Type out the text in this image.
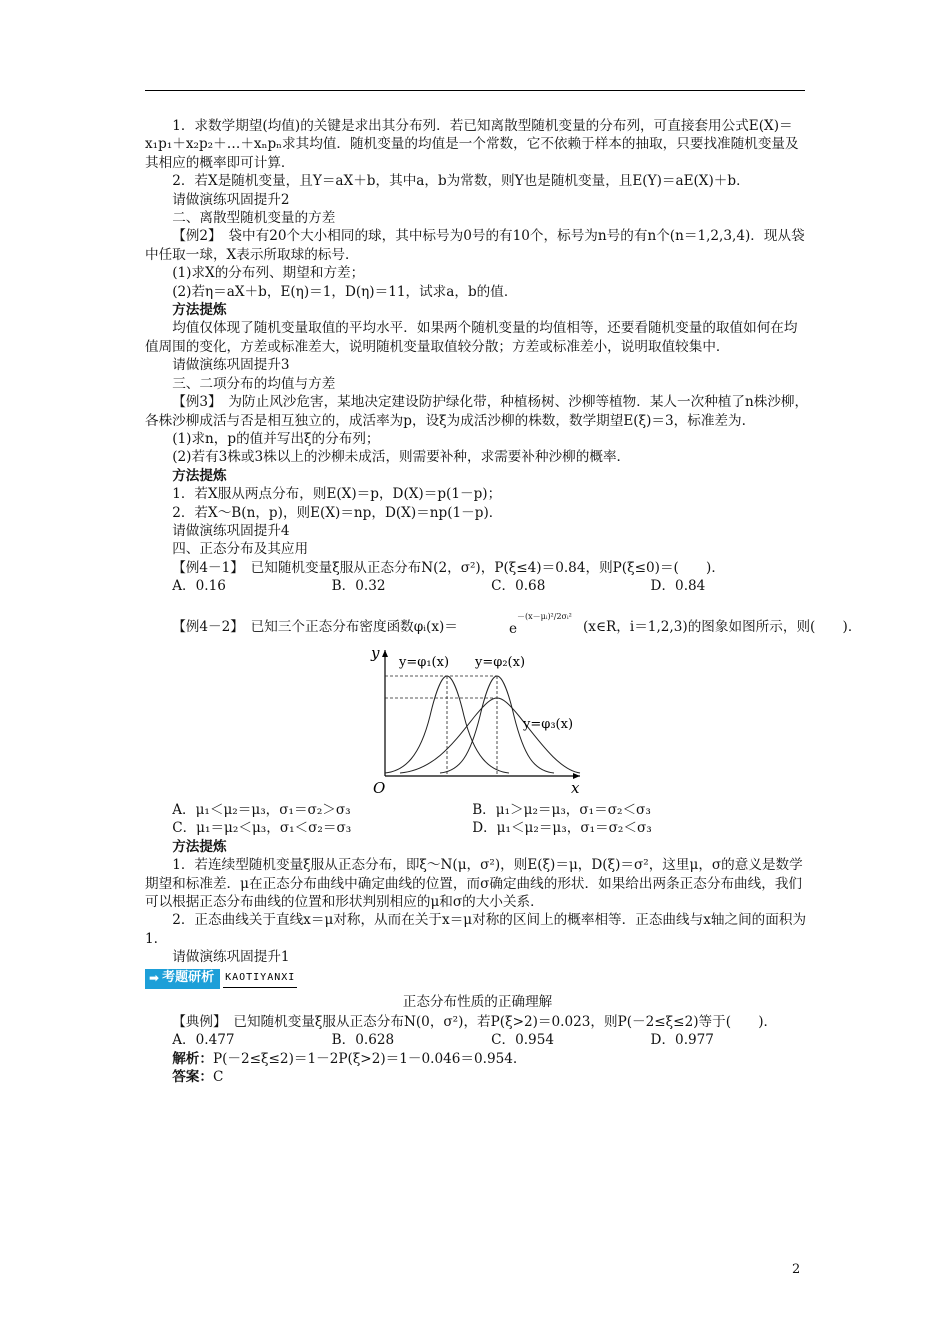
1．求数学期望(均值)的关键是求出其分布列．若已知离散型随机变量的分布列，可直接套用公式E(X)＝x₁p₁＋x₂p₂＋…＋xₙpₙ求其均值．随机变量的均值是一个常数，它不依赖于样本的抽取，只要找准随机变量及其相应的概率即可计算．

2．若X是随机变量，且Y＝aX＋b，其中a，b为常数，则Y也是随机变量，且E(Y)＝aE(X)＋b．

请做演练巩固提升2

二、离散型随机变量的方差

【例2】　袋中有20个大小相同的球，其中标号为0号的有10个，标号为n号的有n个(n＝1,2,3,4)．现从袋中任取一球，X表示所取球的标号．

(1)求X的分布列、期望和方差；

(2)若η＝aX＋b，E(η)＝1，D(η)＝11，试求a，b的值．

方法提炼

均值仅体现了随机变量取值的平均水平．如果两个随机变量的均值相等，还要看随机变量的取值如何在均值周围的变化，方差或标准差大，说明随机变量取值较分散；方差或标准差小，说明取值较集中．

请做演练巩固提升3

三、二项分布的均值与方差

【例3】　为防止风沙危害，某地决定建设防护绿化带，种植杨树、沙柳等植物．某人一次种植了n株沙柳，各株沙柳成活与否是相互独立的，成活率为p，设ξ为成活沙柳的株数，数学期望E(ξ)＝3，标准差为.

(1)求n，p的值并写出ξ的分布列；

(2)若有3株或3株以上的沙柳未成活，则需要补种，求需要补种沙柳的概率．

方法提炼

1．若X服从两点分布，则E(X)＝p，D(X)＝p(1－p)；

2．若X～B(n，p)，则E(X)＝np，D(X)＝np(1－p)．

请做演练巩固提升4

四、正态分布及其应用

【例4－1】　已知随机变量ξ服从正态分布N(2，σ²)，P(ξ≤4)＝0.84，则P(ξ≤0)＝(　　)．

A．0.16	B．0.32	C．0.68	D．0.84
【例4－2】　已知三个正态分布密度函数φᵢ(x)＝
－(x－μᵢ)²/2σᵢ²
e	(x∈R，i＝1,2,3)的图象如图所示，则(　　)．
y
x
O
y=φ₁(x) y=φ₂(x)
y=φ₃(x)
A．μ₁＜μ₂＝μ₃，σ₁＝σ₂＞σ₃	B．μ₁＞μ₂＝μ₃，σ₁＝σ₂＜σ₃
C．μ₁＝μ₂＜μ₃，σ₁＜σ₂＝σ₃	D．μ₁＜μ₂＝μ₃，σ₁＝σ₂＜σ₃

方法提炼

1．若连续型随机变量ξ服从正态分布，即ξ～N(μ，σ²)，则E(ξ)＝μ，D(ξ)＝σ²，这里μ，σ的意义是数学期望和标准差．μ在正态分布曲线中确定曲线的位置，而σ确定曲线的形状．如果给出两条正态分布曲线，我们可以根据正态分布曲线的位置和形状判别相应的μ和σ的大小关系．

2．正态曲线关于直线x＝μ对称，从而在关于x＝μ对称的区间上的概率相等．正态曲线与x轴之间的面积为1.

请做演练巩固提升1

➡ 考题研析 KAOTIYANXI

正态分布性质的正确理解

【典例】　已知随机变量ξ服从正态分布N(0，σ²)，若P(ξ>2)＝0.023，则P(－2≤ξ≤2)等于(　　)．

A．0.477	B．0.628	C．0.954	D．0.977

解析：P(－2≤ξ≤2)＝1－2P(ξ>2)＝1－0.046＝0.954.

答案：C

2
